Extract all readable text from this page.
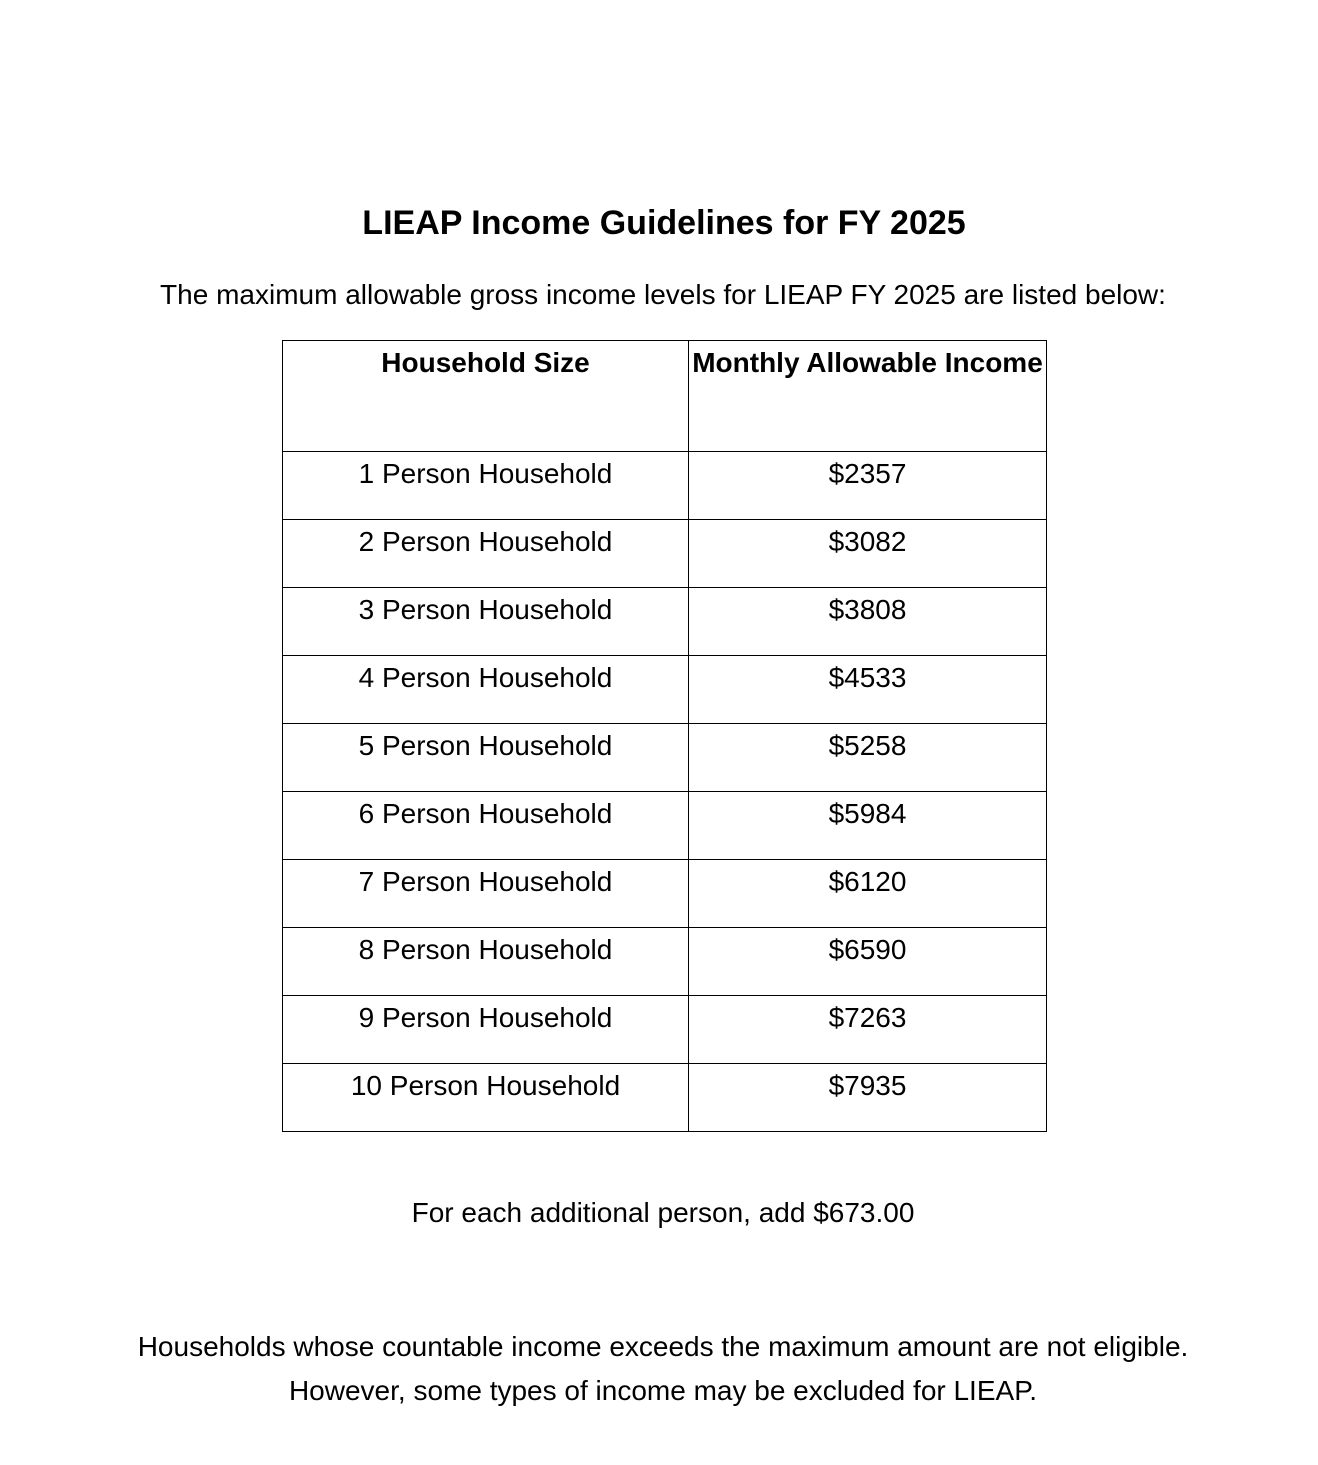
LIEAP Income Guidelines for FY 2025
The maximum allowable gross income levels for LIEAP FY 2025 are listed below:
Household Size	Monthly Allowable Income
1 Person Household	$2357
2 Person Household	$3082
3 Person Household	$3808
4 Person Household	$4533
5 Person Household	$5258
6 Person Household	$5984
7 Person Household	$6120
8 Person Household	$6590
9 Person Household	$7263
10 Person Household	$7935
For each additional person, add $673.00
Households whose countable income exceeds the maximum amount are not eligible.
However, some types of income may be excluded for LIEAP.
